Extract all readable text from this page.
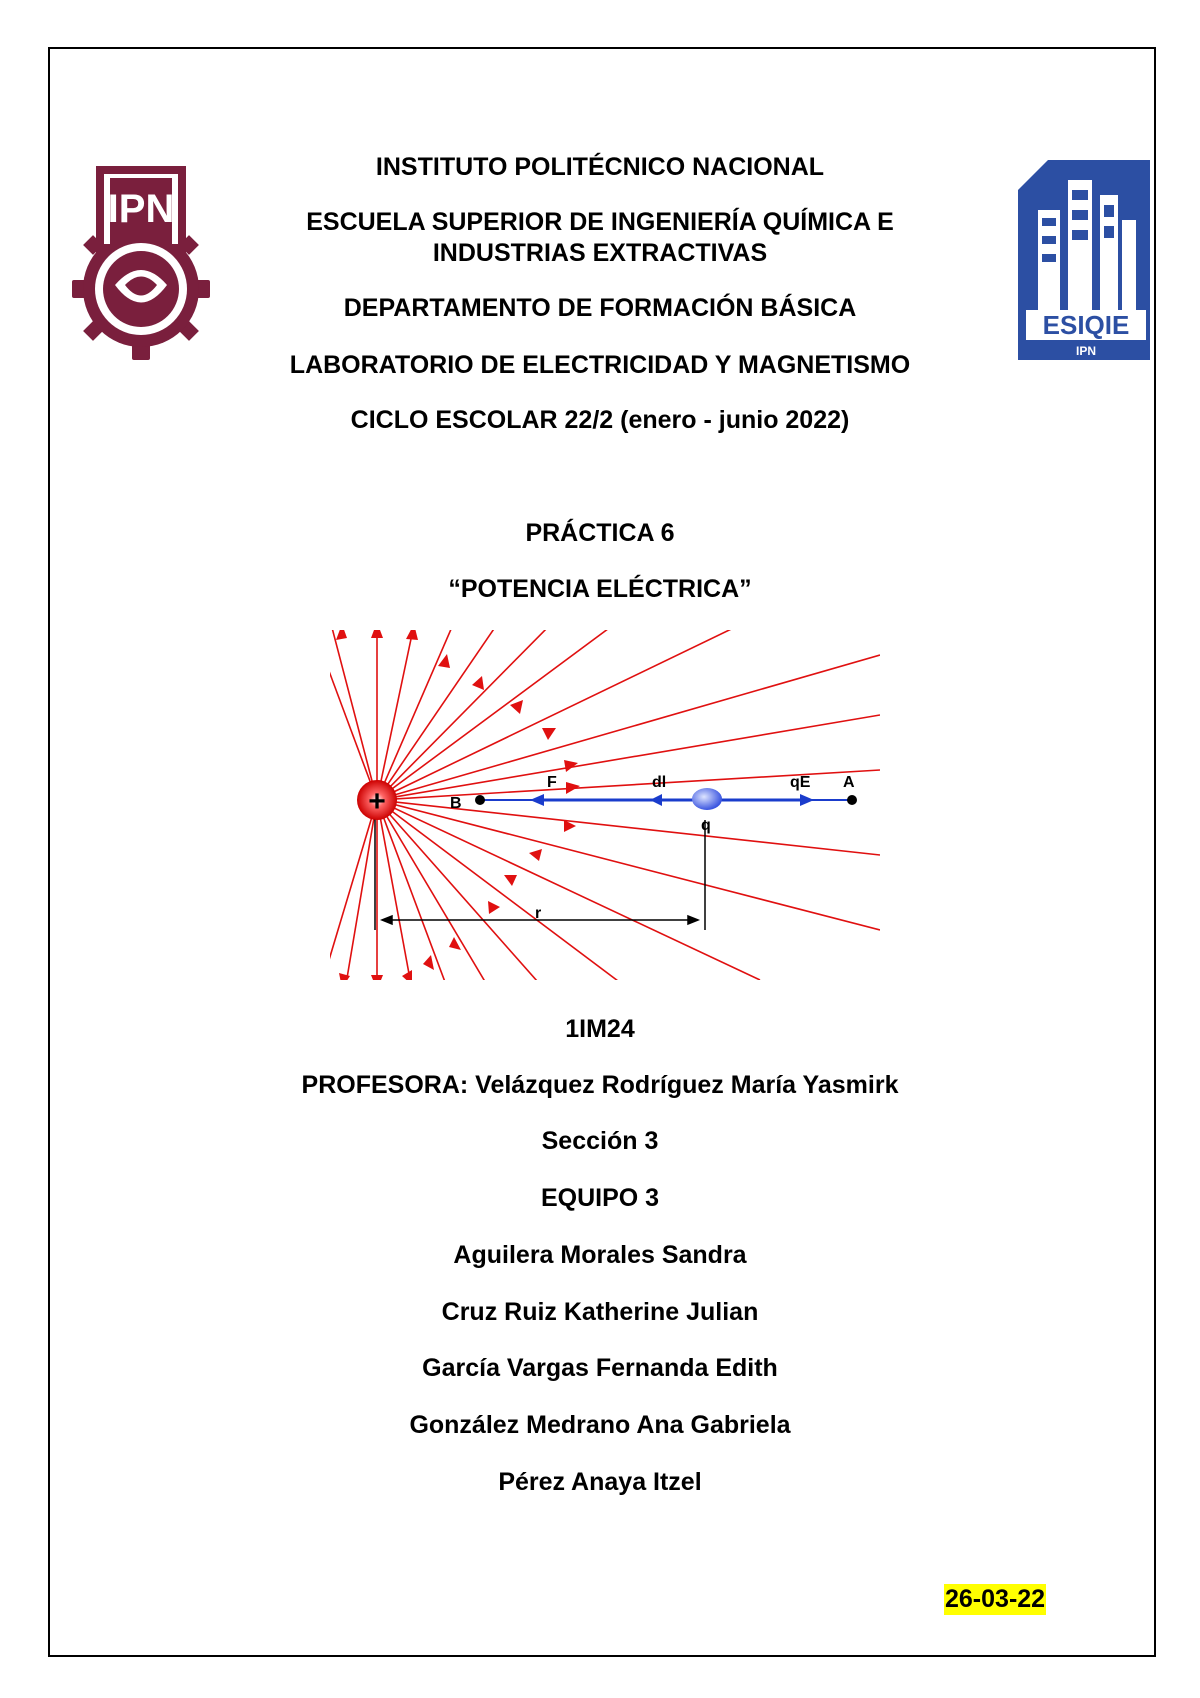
IPN
ESIQIE
IPN
INSTITUTO POLITÉCNICO NACIONAL
ESCUELA SUPERIOR DE INGENIERÍA QUÍMICA E
INDUSTRIAS EXTRACTIVAS
DEPARTAMENTO DE FORMACIÓN BÁSICA
LABORATORIO DE ELECTRICIDAD Y MAGNETISMO
CICLO ESCOLAR 22/2 (enero - junio 2022)
PRÁCTICA 6
“POTENCIA ELÉCTRICA”
r
+	B
A
F	dl	qE
q
1IM24
PROFESORA: Velázquez Rodríguez María Yasmirk
Sección 3
EQUIPO 3
Aguilera Morales Sandra
Cruz Ruiz Katherine Julian
García Vargas Fernanda Edith
González Medrano Ana Gabriela
Pérez Anaya Itzel
26-03-22
